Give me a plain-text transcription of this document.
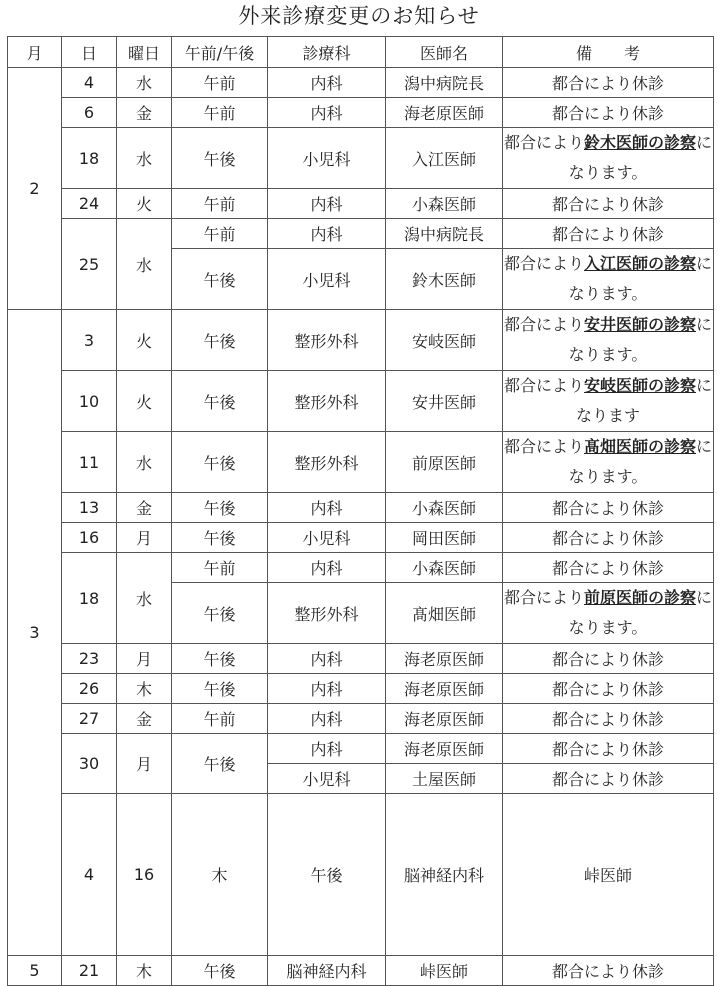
外来診療変更のお知らせ
月	日	曜日	午前/午後	診療科	医師名	備　　考	
2	4	水	午前	内科	潟中病院長	都合により休診	
	6	金	午前	内科	海老原医師	都合により休診	
	18	水	午後	小児科	入江医師	都合により鈴木医師の診察になります。	
	24	火	午前	内科	小森医師	都合により休診	
	25	水	午前	内科	潟中病院長	都合により休診	
			午後	小児科	鈴木医師	都合により入江医師の診察になります。	
3	3	火	午後	整形外科	安岐医師	都合により安井医師の診察になります。	
	10	火	午後	整形外科	安井医師	都合により安岐医師の診察になります	
	11	水	午後	整形外科	前原医師	都合により髙畑医師の診察になります。	
	13	金	午後	内科	小森医師	都合により休診	
	16	月	午後	小児科	岡田医師	都合により休診	
	18	水	午前	内科	小森医師	都合により休診	
			午後	整形外科	髙畑医師	都合により前原医師の診察になります。	
	23	月	午後	内科	海老原医師	都合により休診	
	26	木	午後	内科	海老原医師	都合により休診	
	27	金	午前	内科	海老原医師	都合により休診	
	30	月	午後	内科	海老原医師	都合により休診	
				小児科	土屋医師	都合により休診	
	4	16	木	午後	脳神経内科	峠医師	
5	21	木	午後	脳神経内科	峠医師	都合により休診	
